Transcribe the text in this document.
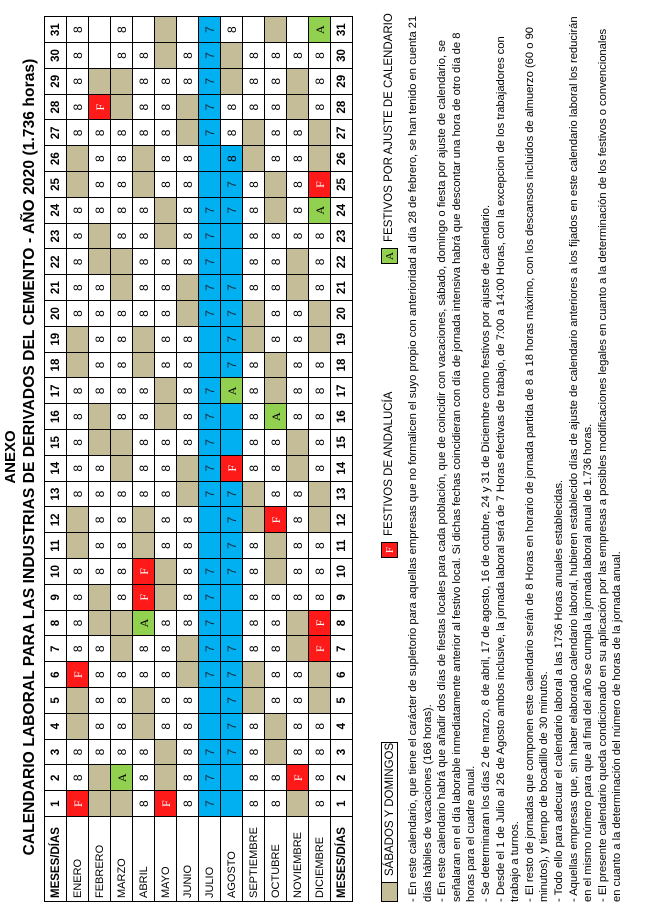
ANEXO CALENDARIO LABORAL PARA LAS INDUSTRIAS DE DERIVADOS DEL CEMENTO - AÑO 2020 (1.736 horas)
MESES/DÍAS	1	2	3	4	5	6	7	8	9	10	11	12	13	14	15	16	17	18	19	20	21	22	23	24	25	26	27	28	29	30	31
ENERO	F	8	8			F	8	8	8	8			8	8	8	8	8			8	8	8	8	8			8	8	8	8	8
FEBRERO			8	8	8	8	8			8	8	8	8	8			8	8	8	8	8			8	8	8	8	F			
MARZO		A	8	8	8	8			8	8	8	8	8			8	8	8	8	8			8	8	8	8	8			8	8
ABRIL	8	8	8			8	8	A	F	F			8	8	8	8	8			8	8	8	8	8			8	8	8	8	
MAYO	F			8	8	8	8	8			8	8	8	8	8			8	8	8	8	8			8	8	8	8	8		
JUNIO	8	8	8	8	8			8	8	8	8	8			8	8	8	8	8			8	8	8	8	8			8	8	
JULIO	7	7	7			7	7	7	7	7			7	7	7	7	7			7	7	7	7	7			7	7	7	7	7
AGOSTO			7	7	7	7	7			7	7	7	7	F			A	7	7	7	7			7	7	8	8	8			8
SEPTIEMBRE	8	8	8	8			8	8	8	8	8			8	8	8	8	8			8	8	8	8	8			8	8	8	
OCTUBRE	8	8			8	8	8	8	8			F	8	8	8	A			8	8	8	8	8			8	8	8	8	8	
NOVIEMBRE		F	8	8	8	8			8	8	8	8	8			8	8	8	8	8			8	8	8	8	8			8	
DICIEMBRE	8	8	8	8			F	F	8	8	8			8	8	8	8	8			8	8	8	A	F			8	8	8	A
MESES/DÍAS	1	2	3	4	5	6	7	8	9	10	11	12	13	14	15	16	17	18	19	20	21	22	23	24	25	26	27	28	29	30	31
SÁBADOS Y DOMINGOS
F
FESTIVOS DE ANDALUCÍA
A
FESTIVOS POR AJUSTE DE CALENDARIO - En este calendario, que tiene el carácter de supletorio para aquellas empresas que no formalicen el suyo propio con anterioridad al día 28 de febrero, se han tenido en cuenta 21 días hábiles de vacaciones (168 horas). - En este calendario habrá que añadir dos días de fiestas locales para cada población, que de coincidir con vacaciones, sábado, domingo o fiesta por ajuste de calendario, se señalaran en el día laborable inmediatamente anterior al festivo local. Si dichas fechas coincidieran con día de jornada intensiva habrá que descontar una hora de otro día de 8 horas para el cuadre anual. - Se determinaran los días 2 de marzo, 8 de abril, 17 de agosto, 16 de octubre, 24 y 31 de Diciembre como festivos por ajuste de calendario. - Desde el 1 de Julio al 26 de Agosto ambos inclusive, la jornada laboral será de 7 Horas efectivas de trabajo, de 7:00 a 14:00 Horas, con la excepcion de los trabajadores con trabajo a turnos. - El resto de jornadas que componen este calendario serán de 8 Horas en horario de jornada partida de 8 a 18 horas máximo, con los descansos incluidos de almuerzo (60 o 90 minutos), y tiempo de bocadillo de 30 minutos. - Todo ello para adecuar el calendario laboral a las 1736 Horas anuales establecidas. - Aquellas empresas que, sin haber elaborado calendario laboral, hubieren establecido días de ajuste de calendario anteriores a los fijados en este calendario laboral los reducirán en el mismo número para que al final del año se cumpla la jornada laboral anual de 1.736 horas. - El presente calendario queda condicionado en su aplicación por las empresas a posibles modificaciones legales en cuanto a la determinación de los festivos o convencionales en cuanto a la determinación del número de horas de la jornada anual.
